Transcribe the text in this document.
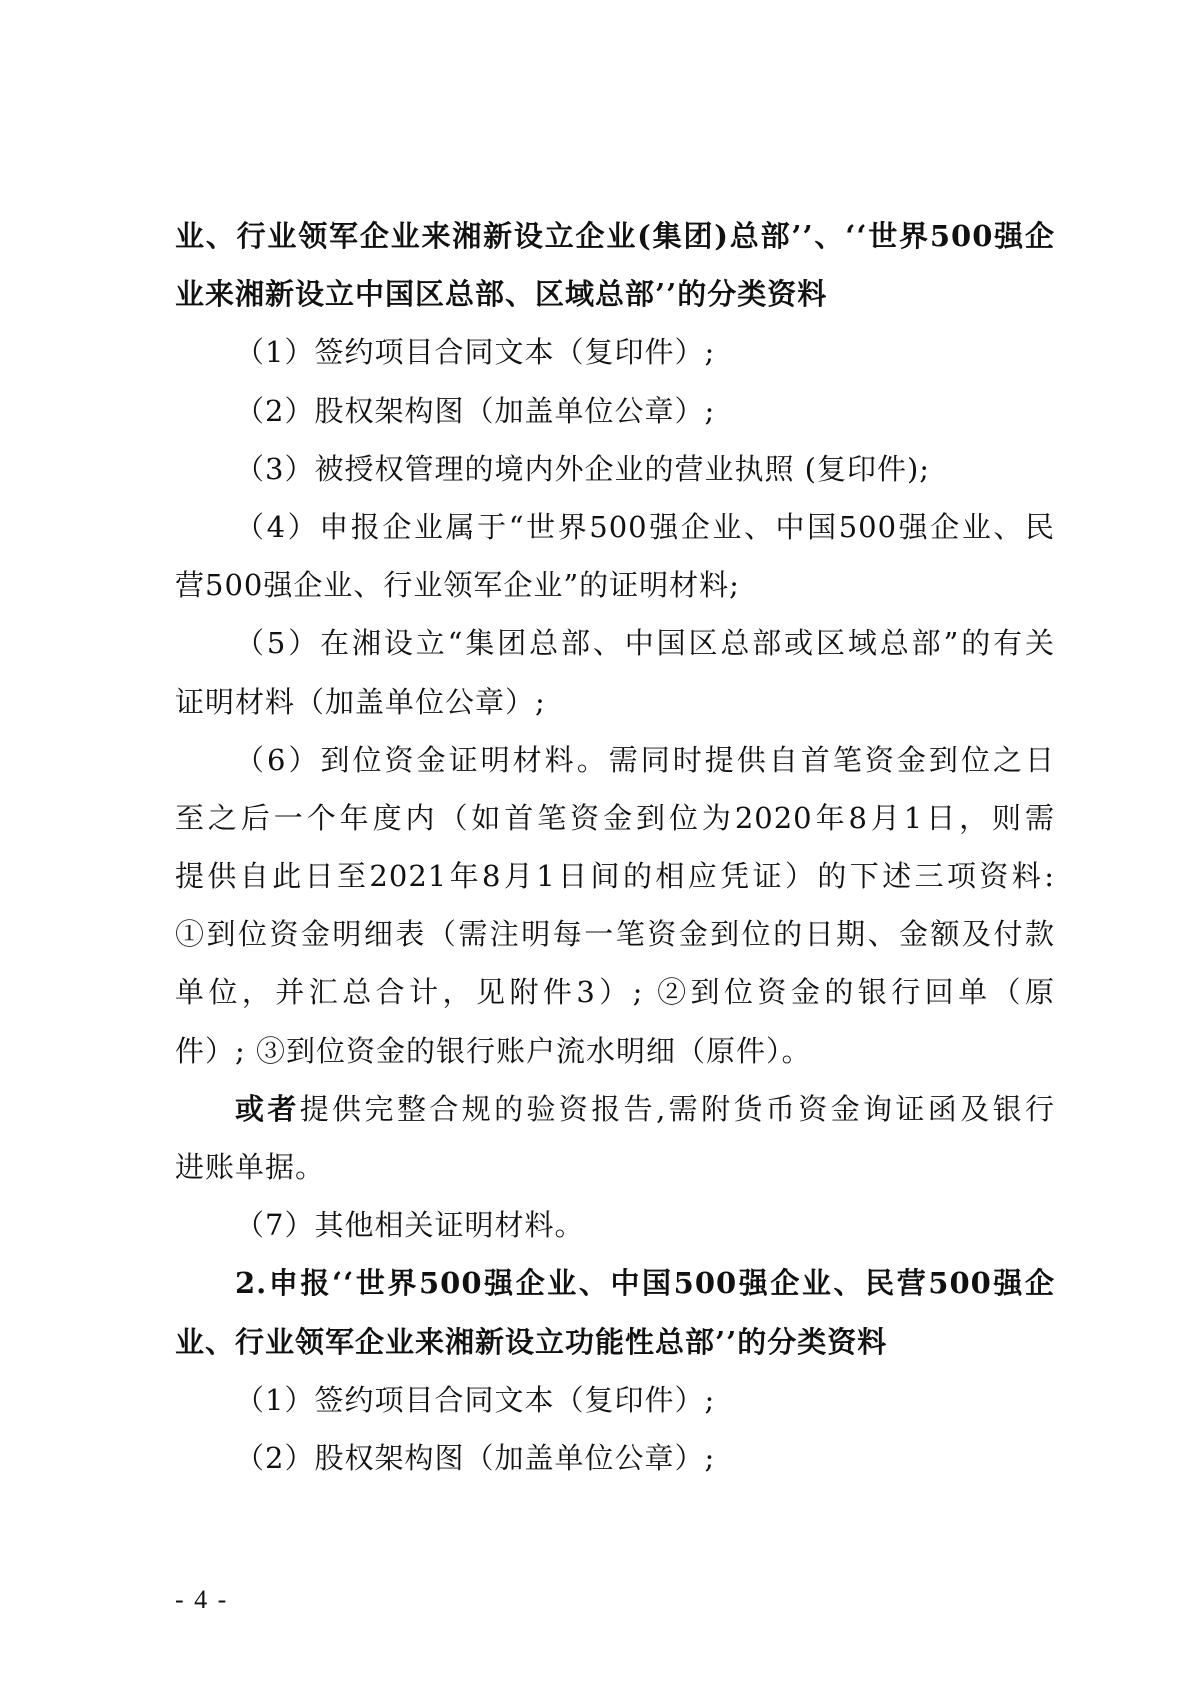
业、行业领军企业来湘新设立企业(集团)总部’’、‘‘世界500强企
业来湘新设立中国区总部、区域总部’’的分类资料
（1）签约项目合同文本（复印件）;
（2）股权架构图（加盖单位公章）;
（3）被授权管理的境内外企业的营业执照 (复印件);
（4）申报企业属于“世界500强企业、中国500强企业、民
营500强企业、行业领军企业”的证明材料;
（5）在湘设立“集团总部、中国区总部或区域总部”的有关
证明材料（加盖单位公章）;
（6）到位资金证明材料。需同时提供自首笔资金到位之日
至之后一个年度内（如首笔资金到位为2020年8月1日，则需
提供自此日至2021年8月1日间的相应凭证）的下述三项资料:
①到位资金明细表（需注明每一笔资金到位的日期、金额及付款
单位，并汇总合计，见附件3）; ②到位资金的银行回单（原
件）; ③到位资金的银行账户流水明细（原件）。
或者提供完整合规的验资报告,需附货币资金询证函及银行
进账单据。
（7）其他相关证明材料。
2.申报‘‘世界500强企业、中国500强企业、民营500强企
业、行业领军企业来湘新设立功能性总部’’的分类资料
（1）签约项目合同文本（复印件）;
（2）股权架构图（加盖单位公章）;
- 4 -
